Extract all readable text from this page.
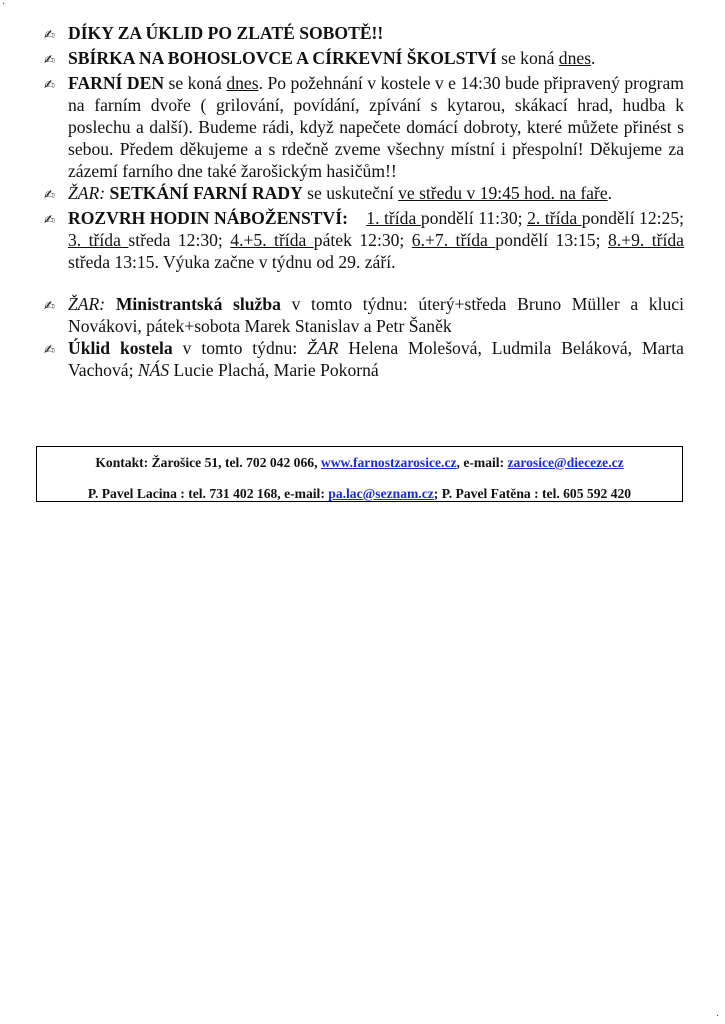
·
✍ DÍKY ZA ÚKLID PO ZLATÉ SOBOTĚ!!
✍ SBÍRKA NA BOHOSLOVCE A CÍRKEVNÍ ŠKOLSTVÍ se koná dnes.
✍ FARNÍ DEN se koná dnes. Po požehnání v kostele v e 14:30 bude připravený program na farním dvoře ( grilování, povídání, zpívání s kytarou, skákací hrad, hudba k poslechu a další). Budeme rádi, když napečete domácí dobroty, které můžete přinést s sebou. Předem děkujeme a s rdečně zveme všechny místní i přespolní! Děkujeme za zázemí farního dne také žarošickým hasičům!!
✍ ŽAR: SETKÁNÍ FARNÍ RADY se uskuteční ve středu v 19:45 hod. na faře.
✍ ROZVRH HODIN NÁBOŽENSTVÍ: 1. třída pondělí 11:30; 2. třída pondělí 12:25; 3. třída středa 12:30; 4.+5. třída pátek 12:30; 6.+7. třída pondělí 13:15; 8.+9. třída středa 13:15. Výuka začne v týdnu od 29. září.
✍ ŽAR: Ministrantská služba v tomto týdnu: úterý+středa Bruno Müller a kluci Novákovi, pátek+sobota Marek Stanislav a Petr Šaněk
✍ Úklid kostela v tomto týdnu: ŽAR Helena Molešová, Ludmila Beláková, Marta Vachová; NÁS Lucie Plachá, Marie Pokorná
Kontakt: Žarošice 51, tel. 702 042 066, www.farnostzarosice.cz, e-mail: zarosice@dieceze.cz
P. Pavel Lacina : tel. 731 402 168, e-mail: pa.lac@seznam.cz; P. Pavel Fatěna : tel. 605 592 420
·
